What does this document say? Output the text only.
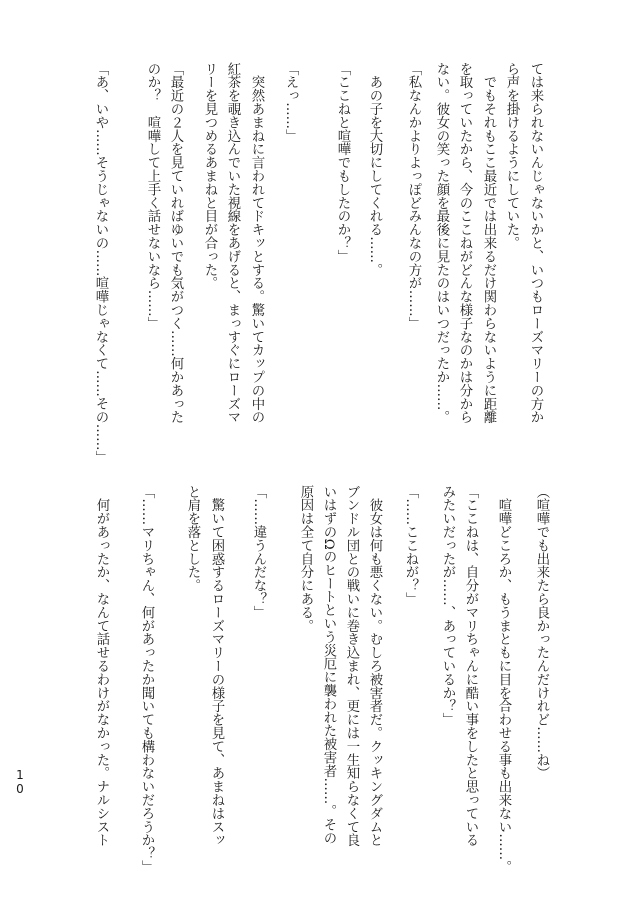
ては来られないんじゃないかと、いつもローズマリーの方か
ら声を掛けるようにしていた。
　でもそれもここ最近では出来るだけ関わらないように距離
を取っていたから、今のここねがどんな様子なのかは分から
ない。彼女の笑った顔を最後に見たのはいつだったか……。
「私なんかよりよっぽどみんなの方が……」
　あの子を大切にしてくれる……。
「ここねと喧嘩でもしたのか？」
「えっ……」
　突然あまねに言われてドキッとする。驚いてカップの中の
紅茶を覗き込んでいた視線をあげると、まっすぐにローズマ
リーを見つめるあまねと目が合った。
「最近の２人を見ていればゆいでも気がつく……何かあった
のか？　喧嘩して上手く話せないなら……」
「あ、いや……そうじゃないの……喧嘩じゃなくて……その……」
（喧嘩でも出来たら良かったんだけれど……ね）
　喧嘩どころか、もうまともに目を合わせる事も出来ない……。
「ここねは、自分がマリちゃんに酷い事をしたと思っている
みたいだったが……、あっているか？」
「……ここねが？」
　彼女は何も悪くない。むしろ被害者だ。クッキングダムと
ブンドル団との戦いに巻き込まれ、更には一生知らなくて良
いはずのΩのヒートという災厄に襲われた被害者……。その
原因は全て自分にある。
「……違うんだな？」
　驚いて困惑するローズマリーの様子を見て、あまねはスッ
と肩を落とした。
「……マリちゃん、何があったか聞いても構わないだろうか？」
　何があったか、なんて話せるわけがなかった。ナルシスト
10
